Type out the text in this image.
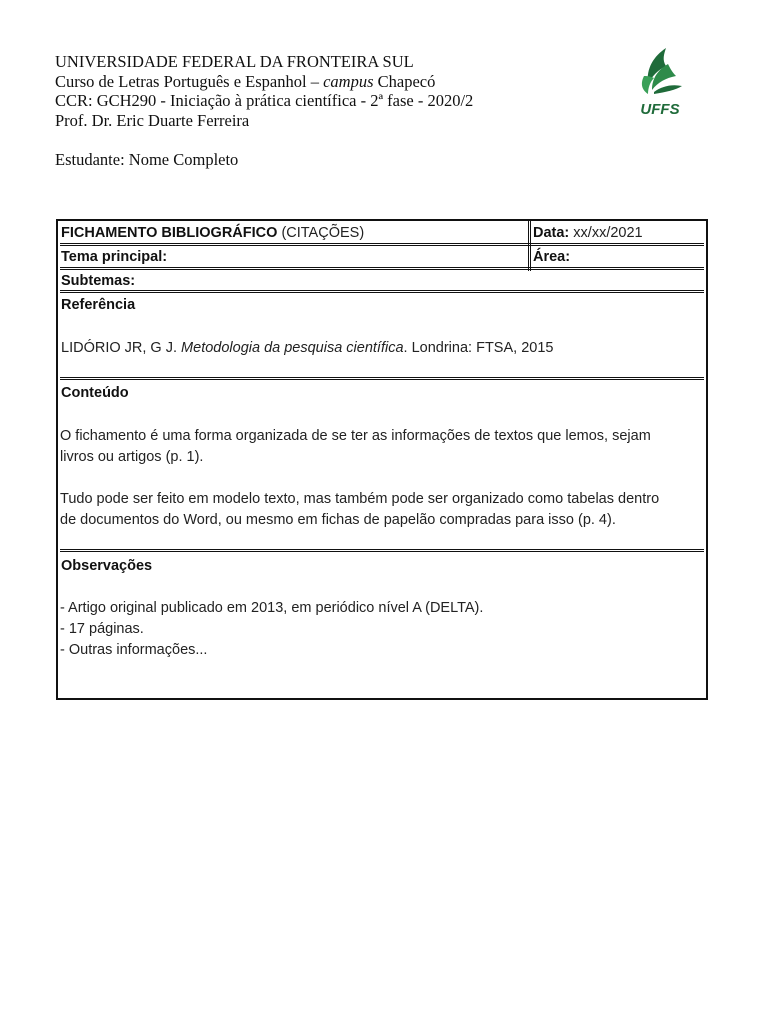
UNIVERSIDADE FEDERAL DA FRONTEIRA SUL
Curso de Letras Português e Espanhol – campus Chapecó
CCR: GCH290 - Iniciação à prática científica - 2ª fase - 2020/2
Prof. Dr. Eric Duarte Ferreira
Estudante: Nome Completo
UFFS
FICHAMENTO BIBLIOGRÁFICO (CITAÇÕES)	Data: xx/xx/2021
Tema principal:	Área:
Subtemas:
Referência
LIDÓRIO JR, G J. Metodologia da pesquisa científica. Londrina: FTSA, 2015
Conteúdo

O fichamento é uma forma organizada de se ter as informações de textos que lemos, sejam

livros ou artigos (p. 1).

Tudo pode ser feito em modelo texto, mas também pode ser organizado como tabelas dentro

de documentos do Word, ou mesmo em fichas de papelão compradas para isso (p. 4).

Observações

- Artigo original publicado em 2013, em periódico nível A (DELTA).

- 17 páginas.

- Outras informações...
